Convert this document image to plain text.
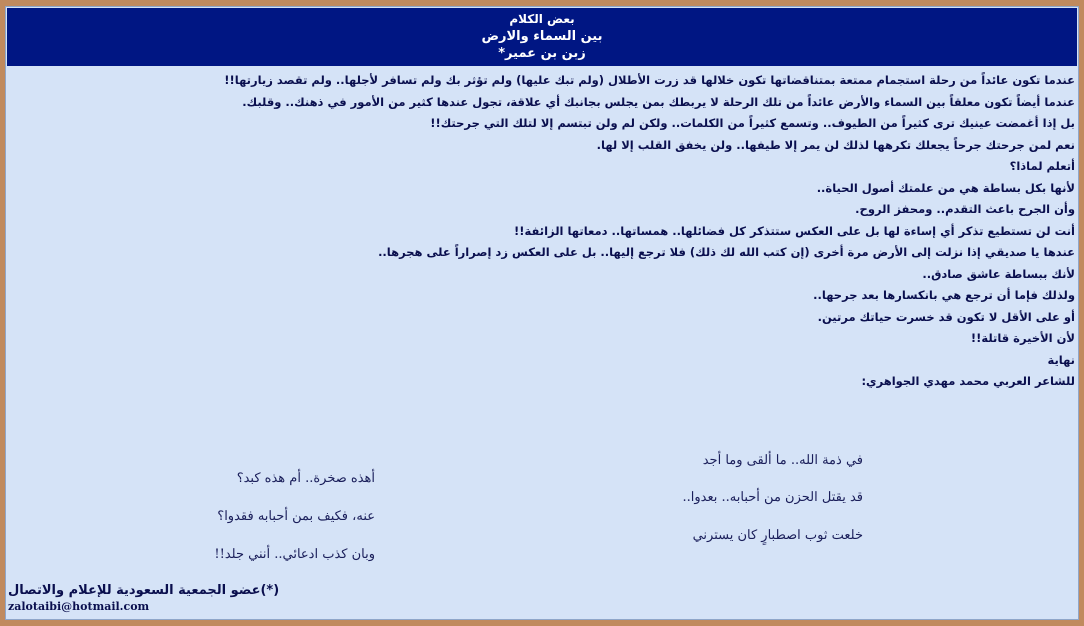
بعض الكلام
بين السماء والارض
زبن بن عمير*
عندما تكون عائداً من رحلة استجمام ممتعة بمتناقضاتها تكون خلالها قد زرت الأطلال (ولم تبك عليها) ولم تؤثر بك ولم تسافر لأجلها.. ولم تقصد زيارتها!!
عندما أيضاً تكون معلقاً بين السماء والأرض عائداً من تلك الرحلة لا يربطك بمن يجلس بجانبك أي علاقة، تجول عندها كثير من الأمور في ذهنك.. وقلبك.
بل إذا أغمضت عينيك ترى كثيراً من الطيوف.. وتسمع كثيراً من الكلمات.. ولكن لم ولن تبتسم إلا لتلك التي جرحتك!!
نعم لمن جرحتك جرحاً يجعلك تكرهها لذلك لن يمر إلا طيفها.. ولن يخفق القلب إلا لها.
أتعلم لماذا؟
لأنها بكل بساطة هي من علمتك أصول الحياة..
وأن الجرح باعث التقدم.. ومحفز الروح.
أنت لن تستطيع تذكر أي إساءة لها بل على العكس ستتذكر كل فضائلها.. همساتها.. دمعاتها الزائفة!!
عندها يا صديقي إذا نزلت إلى الأرض مرة أخرى (إن كتب الله لك ذلك) فلا ترجع إليها.. بل على العكس زد إصراراً على هجرها..
لأنك ببساطة عاشق صادق..
ولذلك فإما أن ترجع هي بانكسارها بعد جرحها..
أو على الأقل لا تكون قد خسرت حياتك مرتين.
لأن الأخيرة قاتلة!!
نهاية
للشاعر العربي محمد مهدي الجواهري:
في ذمة الله.. ما ألقى وما أجد
أهذه صخرة.. أم هذه كبد؟
قد يقتل الحزن من أحبابه.. بعدوا..
عنه، فكيف بمن أحبابه فقدوا؟
خلعت ثوب اصطبارٍ كان يسترني
وبان كذب ادعائي.. أنني جلد!!
(*)عضو الجمعية السعودية للإعلام والاتصال
zalotaibi@hotmail.com
